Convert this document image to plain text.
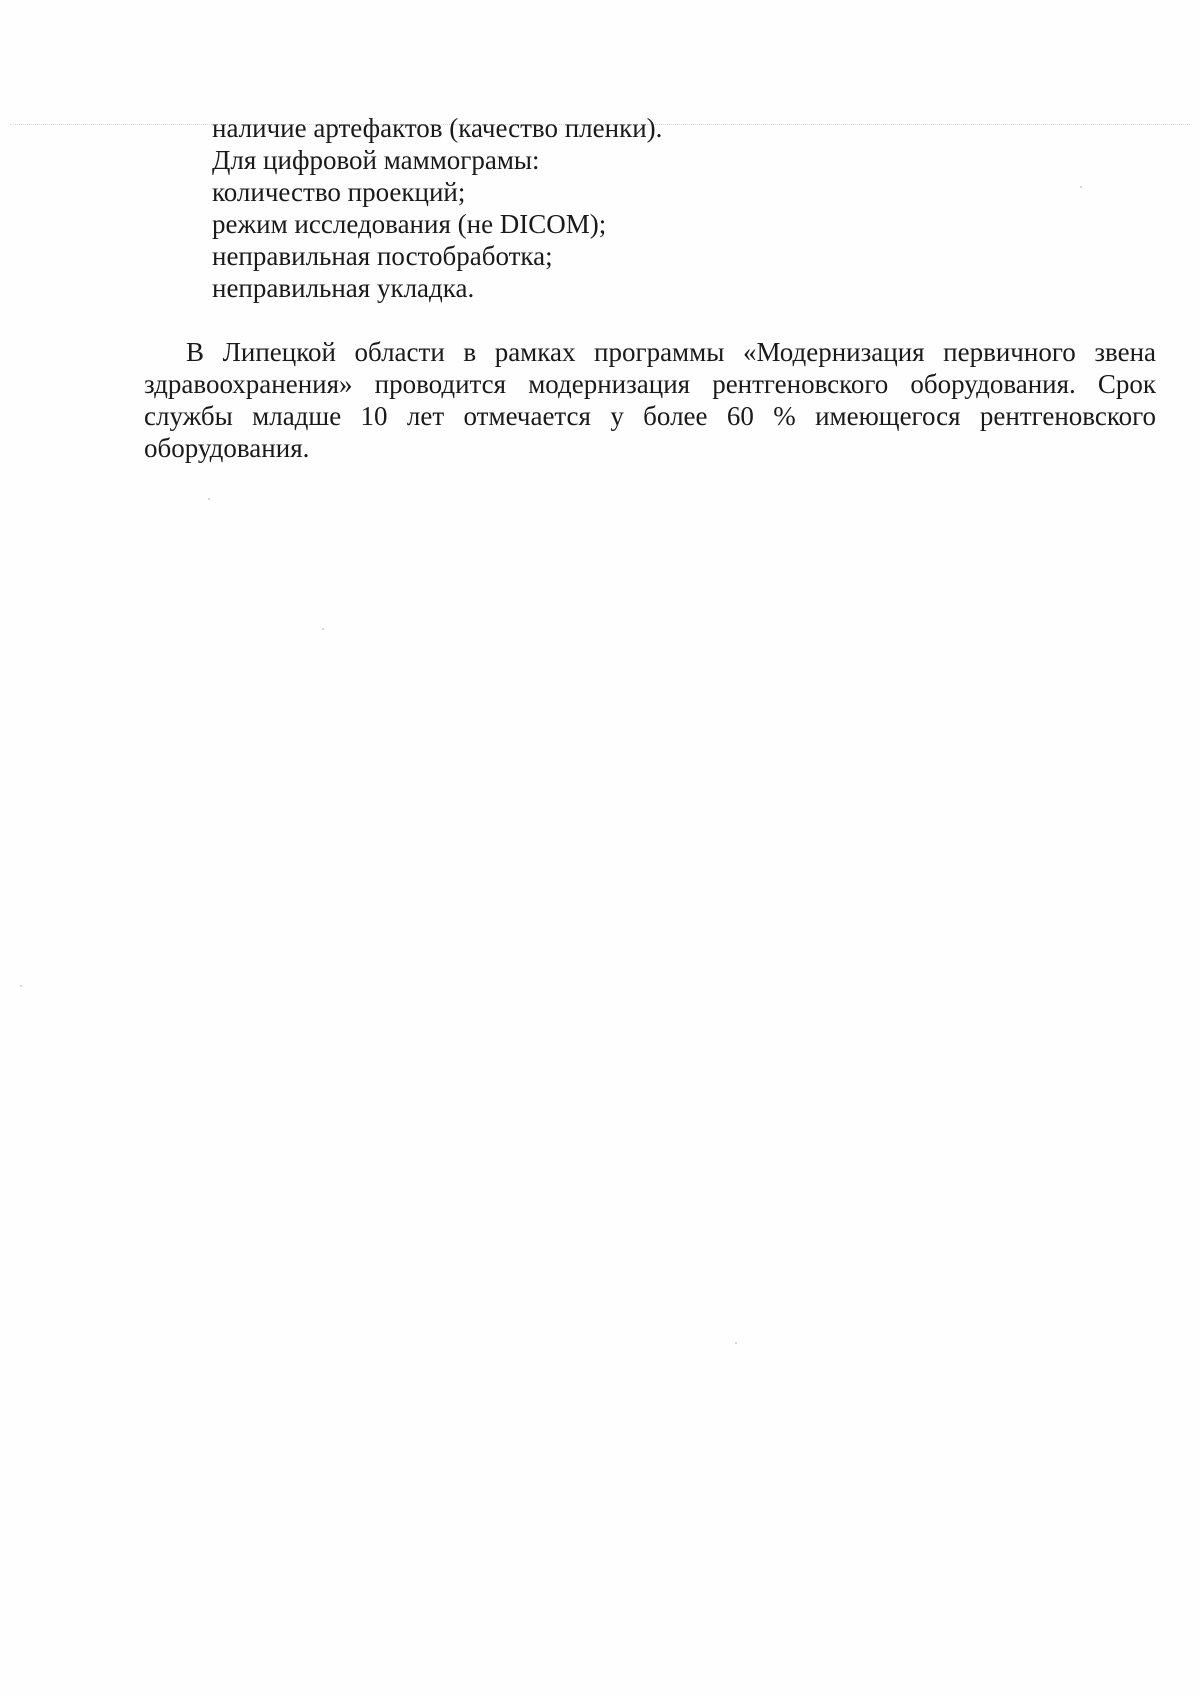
наличие артефактов (качество пленки).

Для цифровой маммограмы:

количество проекций;

режим исследования (не DICOM);

неправильная постобработка;

неправильная укладка.

В Липецкой области в рамках программы «Модернизация первичного звена здравоохранения» проводится модернизация рентгеновского оборудования. Срок службы младше 10 лет отмечается у более 60 % имеющегося рентгеновского оборудования.
